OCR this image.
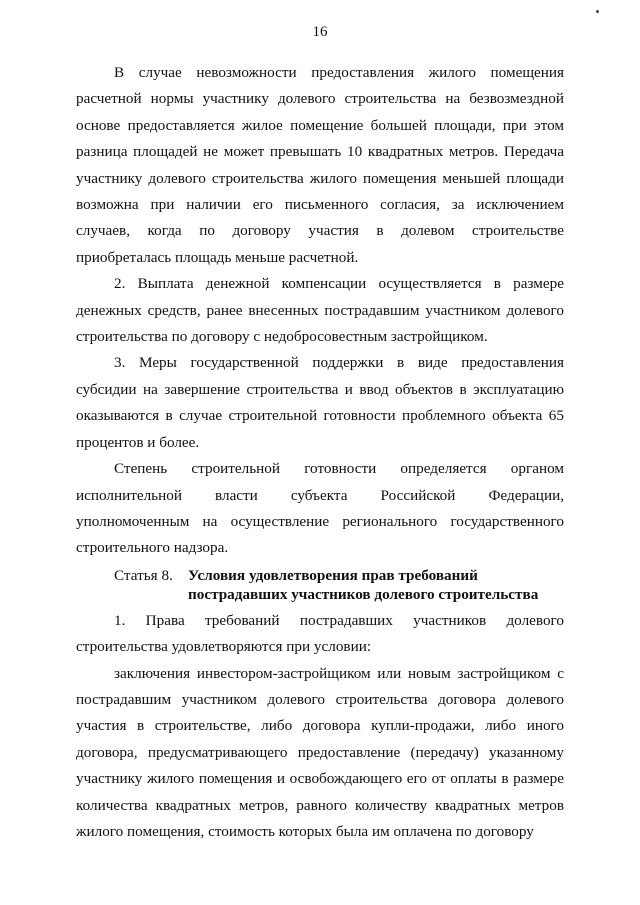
16

В случае невозможности предоставления жилого помещения расчетной нормы участнику долевого строительства на безвозмездной основе предоставляется жилое помещение большей площади, при этом разница площадей не может превышать 10 квадратных метров. Передача участнику долевого строительства жилого помещения меньшей площади возможна при наличии его письменного согласия, за исключением случаев, когда по договору участия в долевом строительстве приобреталась площадь меньше расчетной.

2. Выплата денежной компенсации осуществляется в размере денежных средств, ранее внесенных пострадавшим участником долевого строительства по договору с недобросовестным застройщиком.

3. Меры государственной поддержки в виде предоставления субсидии на завершение строительства и ввод объектов в эксплуатацию оказываются в случае строительной готовности проблемного объекта 65 процентов и более.

Степень строительной готовности определяется органом исполнительной власти субъекта Российской Федерации, уполномоченным на осуществление регионального государственного строительного надзора.

Статья 8. Условия удовлетворения прав требований пострадавших участников долевого строительства

1. Права требований пострадавших участников долевого строительства удовлетворяются при условии:

заключения инвестором-застройщиком или новым застройщиком с пострадавшим участником долевого строительства договора долевого участия в строительстве, либо договора купли-продажи, либо иного договора, предусматривающего предоставление (передачу) указанному участнику жилого помещения и освобождающего его от оплаты в размере количества квадратных метров, равного количеству квадратных метров жилого помещения, стоимость которых была им оплачена по договору
